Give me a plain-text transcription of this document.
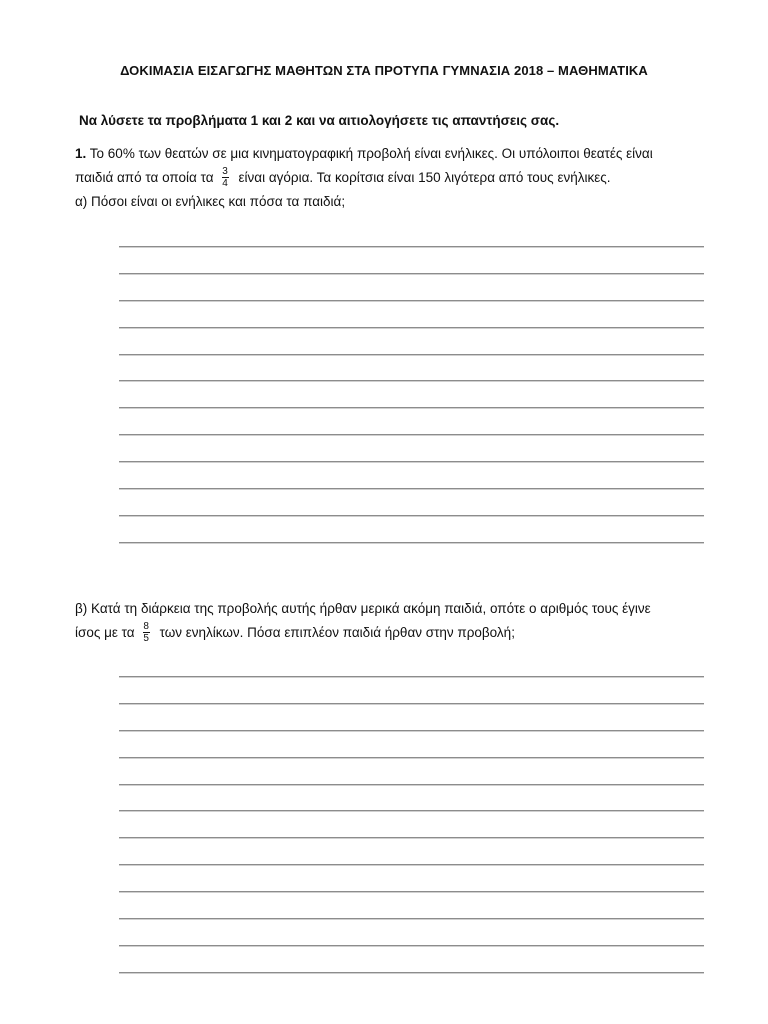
ΔΟΚΙΜΑΣΙΑ ΕΙΣΑΓΩΓΗΣ ΜΑΘΗΤΩΝ ΣΤΑ ΠΡΟΤΥΠΑ ΓΥΜΝΑΣΙΑ 2018 – ΜΑΘΗΜΑΤΙΚΑ
Να λύσετε τα προβλήματα 1 και 2 και να αιτιολογήσετε τις απαντήσεις σας.
1. Το 60% των θεατών σε μια κινηματογραφική προβολή είναι ενήλικες. Οι υπόλοιποι θεατές είναι
παιδιά από τα οποία τα $\frac{3}{4}$ είναι αγόρια. Τα κορίτσια είναι 150 λιγότερα από τους ενήλικες.
α) Πόσοι είναι οι ενήλικες και πόσα τα παιδιά;
β) Κατά τη διάρκεια της προβολής αυτής ήρθαν μερικά ακόμη παιδιά, οπότε ο αριθμός τους έγινε
ίσος με τα $\frac{8}{5}$ των ενηλίκων. Πόσα επιπλέον παιδιά ήρθαν στην προβολή;
